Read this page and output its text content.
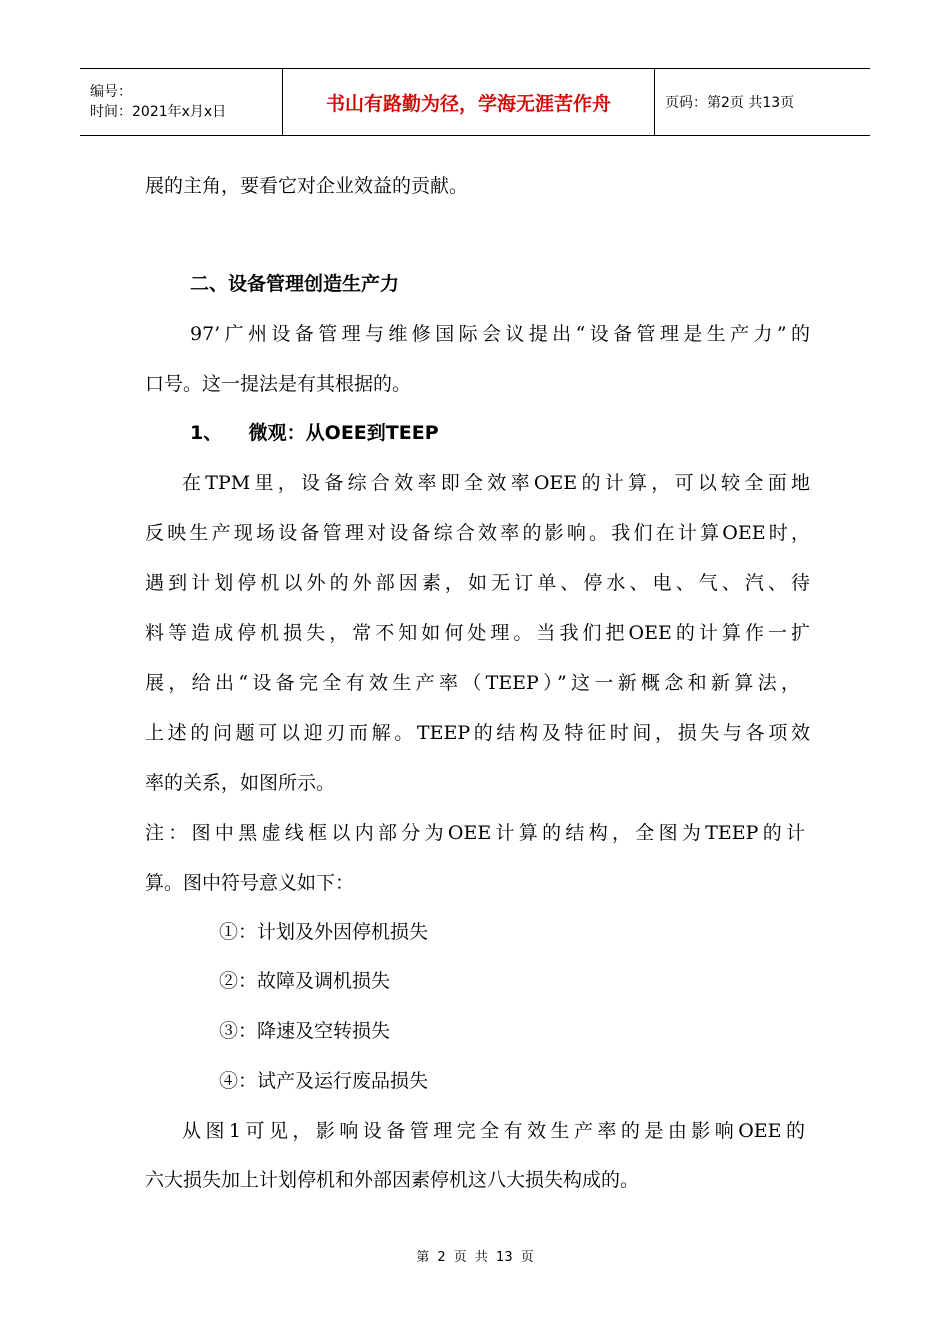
编号：
时间：2021年x月x日	书山有路勤为径，学海无涯苦作舟	页码：第2页 共13页
展的主角，要看它对企业效益的贡献。
二、设备管理创造生产力
97’广州设备管理与维修国际会议提出“设备管理是生产力”的
口号。这一提法是有其根据的。
1、    微观：从OEE到TEEP
在TPM里，设备综合效率即全效率OEE的计算，可以较全面地
反映生产现场设备管理对设备综合效率的影响。我们在计算OEE时，
遇到计划停机以外的外部因素，如无订单、停水、电、气、汽、待
料等造成停机损失，常不知如何处理。当我们把OEE的计算作一扩
展，给出“设备完全有效生产率（TEEP）”这一新概念和新算法，
上述的问题可以迎刃而解。TEEP的结构及特征时间，损失与各项效
率的关系，如图所示。
注：图中黑虚线框以内部分为OEE计算的结构，全图为TEEP的计
算。图中符号意义如下：
①：计划及外因停机损失
②：故障及调机损失
③：降速及空转损失
④：试产及运行废品损失
从图1可见，影响设备管理完全有效生产率的是由影响OEE的
六大损失加上计划停机和外部因素停机这八大损失构成的。
第 2 页 共 13 页
